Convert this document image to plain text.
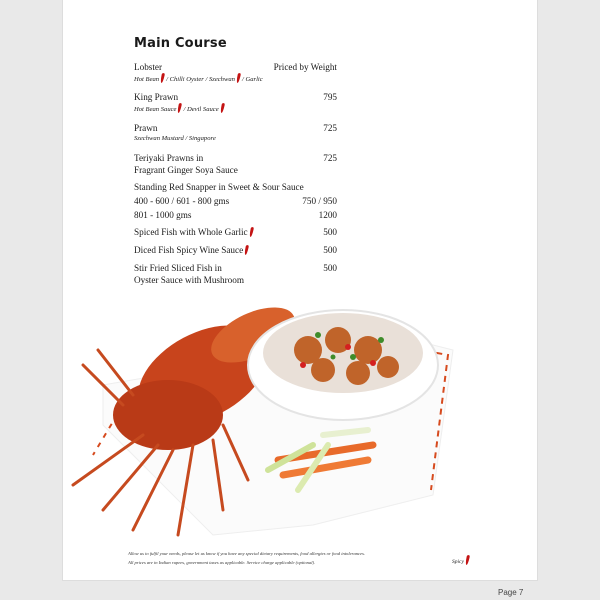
Main Course
Lobster	Priced by Weight
Hot Bean / Chilli Oyster / Szechwan / Garlic
King Prawn	795
Hot Bean Sauce / Devil Sauce
Prawn	725
Szechwan Mustard / Singapore
Teriyaki Prawns in
Fragrant Ginger Soya Sauce
725
Standing Red Snapper in Sweet & Sour Sauce
400 - 600 / 601 - 800 gms	750 / 950
801 - 1000 gms	1200
Spiced Fish with Whole Garlic	500
Diced Fish Spicy Wine Sauce	500
Stir Fried Sliced Fish in
Oyster Sauce with Mushroom
500
Allow us to fulfil your needs, please let us know if you have any special dietary requirements, food allergies or food intolerances.
All prices are in Indian rupees, government taxes as applicable. Service charge applicable (optional).	Spicy
Page 7
